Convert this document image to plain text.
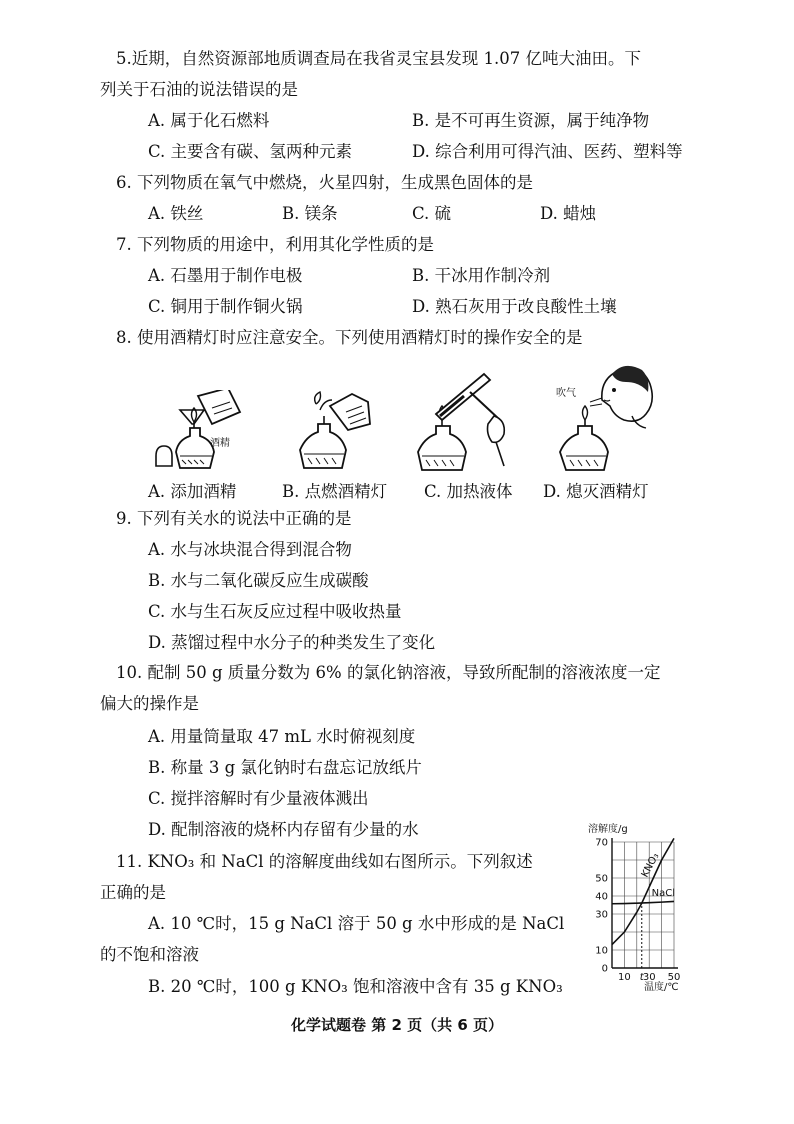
5.近期，自然资源部地质调查局在我省灵宝县发现 1.07 亿吨大油田。下
列关于石油的说法错误的是
A. 属于化石燃料	B. 是不可再生资源，属于纯净物
C. 主要含有碳、氢两种元素	D. 综合利用可得汽油、医药、塑料等
6. 下列物质在氧气中燃烧，火星四射，生成黑色固体的是
A. 铁丝	B. 镁条	C. 硫	D. 蜡烛
7. 下列物质的用途中，利用其化学性质的是
A. 石墨用于制作电极	B. 干冰用作制冷剂
C. 铜用于制作铜火锅	D. 熟石灰用于改良酸性土壤
8. 使用酒精灯时应注意安全。下列使用酒精灯时的操作安全的是
酒精
吹气
A. 添加酒精	B. 点燃酒精灯 C. 加热液体 D. 熄灭酒精灯
9. 下列有关水的说法中正确的是
A. 水与冰块混合得到混合物
B. 水与二氧化碳反应生成碳酸
C. 水与生石灰反应过程中吸收热量
D. 蒸馏过程中水分子的种类发生了变化
10. 配制 50 g 质量分数为 6% 的氯化钠溶液，导致所配制的溶液浓度一定
偏大的操作是
A. 用量筒量取 47 mL 水时俯视刻度
B. 称量 3 g 氯化钠时右盘忘记放纸片
C. 搅拌溶解时有少量液体溅出
D. 配制溶液的烧杯内存留有少量的水
11. KNO₃ 和 NaCl 的溶解度曲线如右图所示。下列叙述
正确的是
A. 10 ℃时，15 g NaCl 溶于 50 g 水中形成的是 NaCl
的不饱和溶液
B. 20 ℃时，100 g KNO₃ 饱和溶液中含有 35 g KNO₃
溶解度/g
70
50
40
30
10
0
10 t 30 50
KNO₃
NaCl
温度/℃
化学试题卷 第 2 页（共 6 页）
